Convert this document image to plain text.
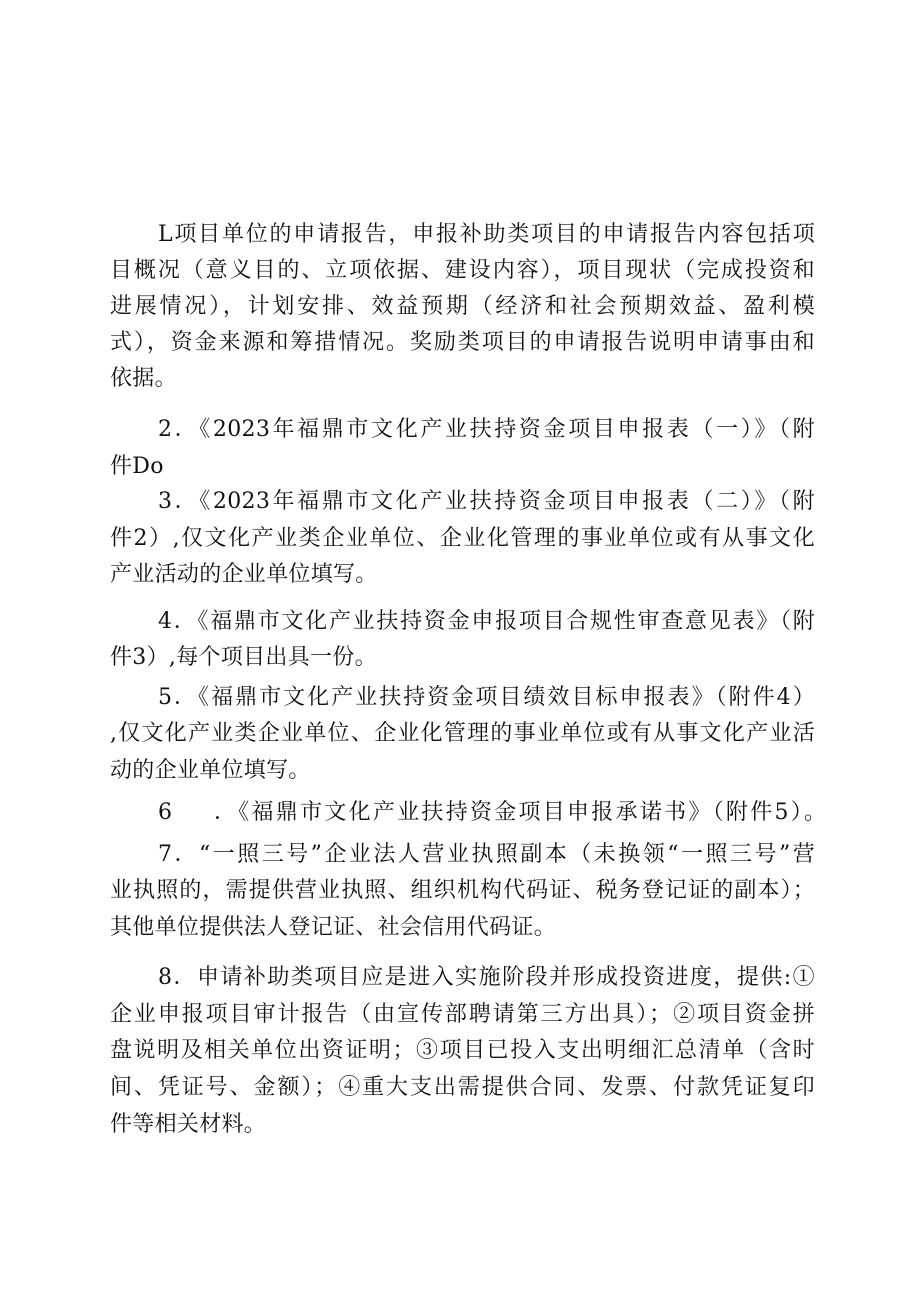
L项目单位的申请报告，申报补助类项目的申请报告内容包括项
目概况（意义目的、立项依据、建设内容），项目现状（完成投资和
进展情况），计划安排、效益预期（经济和社会预期效益、盈利模
式），资金来源和筹措情况。奖励类项目的申请报告说明申请事由和
依据。
2．《2023年福鼎市文化产业扶持资金项目申报表（一）》（附
件Do
3．《2023年福鼎市文化产业扶持资金项目申报表（二）》（附
件2）,仅文化产业类企业单位、企业化管理的事业单位或有从事文化
产业活动的企业单位填写。
4．《福鼎市文化产业扶持资金申报项目合规性审查意见表》（附
件3）,每个项目出具一份。
5．《福鼎市文化产业扶持资金项目绩效目标申报表》（附件4）
,仅文化产业类企业单位、企业化管理的事业单位或有从事文化产业活
动的企业单位填写。
6 ．《福鼎市文化产业扶持资金项目申报承诺书》（附件5）。
7．“一照三号”企业法人营业执照副本（未换领“一照三号”营
业执照的，需提供营业执照、组织机构代码证、税务登记证的副本）；
其他单位提供法人登记证、社会信用代码证。
8．申请补助类项目应是进入实施阶段并形成投资进度，提供:①
企业申报项目审计报告（由宣传部聘请第三方出具）；②项目资金拼
盘说明及相关单位出资证明；③项目已投入支出明细汇总清单（含时
间、凭证号、金额）；④重大支出需提供合同、发票、付款凭证复印
件等相关材料。
